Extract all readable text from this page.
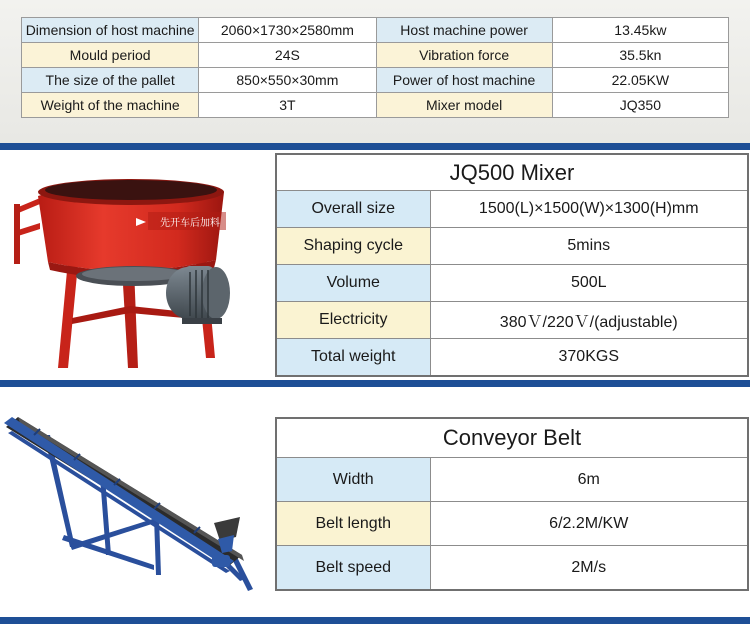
Dimension of host machine	2060×1730×2580mm	Host machine power	13.45kw
Mould period	24S	Vibration force	35.5kn
The size of the pallet	850×550×30mm	Power of host machine	22.05KW
Weight of the machine	3T	Mixer model	JQ350
先开车后加料
JQ500 Mixer	
Overall size	1500(L)×1500(W)×1300(H)mm
Shaping cycle	5mins
Volume	500L
Electricity	380Ｖ/220Ｖ/(adjustable)
Total weight	370KGS
Conveyor Belt	
Width	6m
Belt length	6/2.2M/KW
Belt speed	2M/s
